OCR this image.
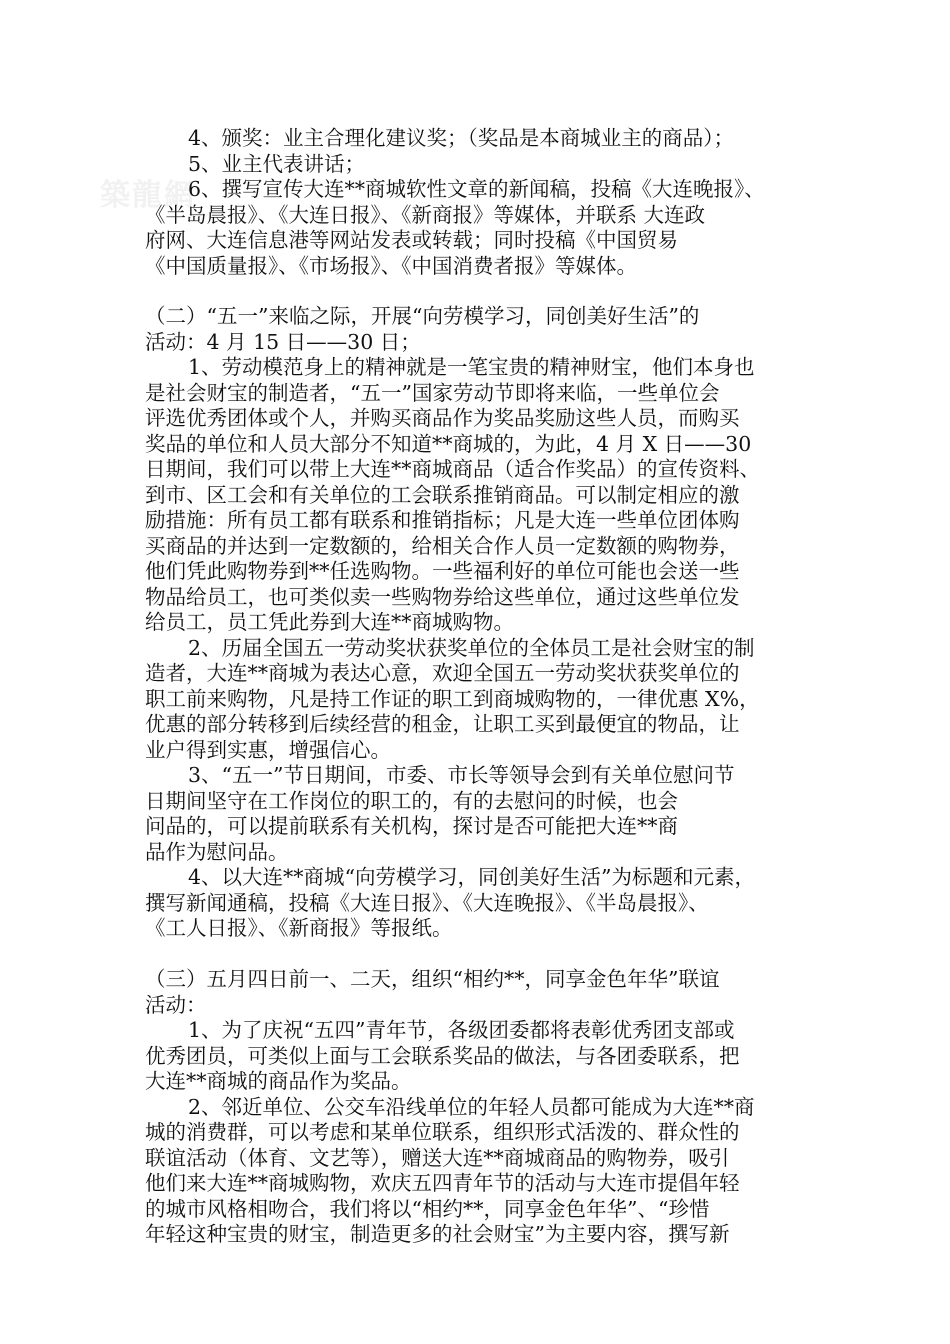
築龍網
4、颁奖：业主合理化建议奖；（奖品是本商城业主的商品）；
5、业主代表讲话；
6、撰写宣传大连**商城软性文章的新闻稿，投稿《大连晚报》、
《半岛晨报》、《大连日报》、《新商报》等媒体，并联系 大连政
府网、大连信息港等网站发表或转载；同时投稿《中国贸易
《中国质量报》、《市场报》、《中国消费者报》等媒体。
（二）“五一”来临之际，开展“向劳模学习，同创美好生活”的
活动：4 月 15 日——30 日；
1、劳动模范身上的精神就是一笔宝贵的精神财宝，他们本身也
是社会财宝的制造者，“五一”国家劳动节即将来临，一些单位会
评选优秀团体或个人，并购买商品作为奖品奖励这些人员，而购买
奖品的单位和人员大部分不知道**商城的，为此，4 月 X 日——30
日期间，我们可以带上大连**商城商品（适合作奖品）的宣传资料、
到市、区工会和有关单位的工会联系推销商品。可以制定相应的激
励措施：所有员工都有联系和推销指标；凡是大连一些单位团体购
买商品的并达到一定数额的，给相关合作人员一定数额的购物券，
他们凭此购物券到**任选购物。一些福利好的单位可能也会送一些
物品给员工，也可类似卖一些购物券给这些单位，通过这些单位发
给员工，员工凭此券到大连**商城购物。
2、历届全国五一劳动奖状获奖单位的全体员工是社会财宝的制
造者，大连**商城为表达心意，欢迎全国五一劳动奖状获奖单位的
职工前来购物，凡是持工作证的职工到商城购物的，一律优惠 X%，
优惠的部分转移到后续经营的租金，让职工买到最便宜的物品，让
业户得到实惠，增强信心。
3、“五一”节日期间，市委、市长等领导会到有关单位慰问节
日期间坚守在工作岗位的职工的，有的去慰问的时候，也会
问品的，可以提前联系有关机构，探讨是否可能把大连**商
品作为慰问品。
4、以大连**商城“向劳模学习，同创美好生活”为标题和元素，
撰写新闻通稿，投稿《大连日报》、《大连晚报》、《半岛晨报》、
《工人日报》、《新商报》等报纸。
（三）五月四日前一、二天，组织“相约**，同享金色年华”联谊
活动：
1、为了庆祝“五四”青年节，各级团委都将表彰优秀团支部或
优秀团员，可类似上面与工会联系奖品的做法，与各团委联系，把
大连**商城的商品作为奖品。
2、邻近单位、公交车沿线单位的年轻人员都可能成为大连**商
城的消费群，可以考虑和某单位联系，组织形式活泼的、群众性的
联谊活动（体育、文艺等），赠送大连**商城商品的购物券，吸引
他们来大连**商城购物，欢庆五四青年节的活动与大连市提倡年轻
的城市风格相吻合，我们将以“相约**，同享金色年华”、“珍惜
年轻这种宝贵的财宝，制造更多的社会财宝”为主要内容，撰写新
